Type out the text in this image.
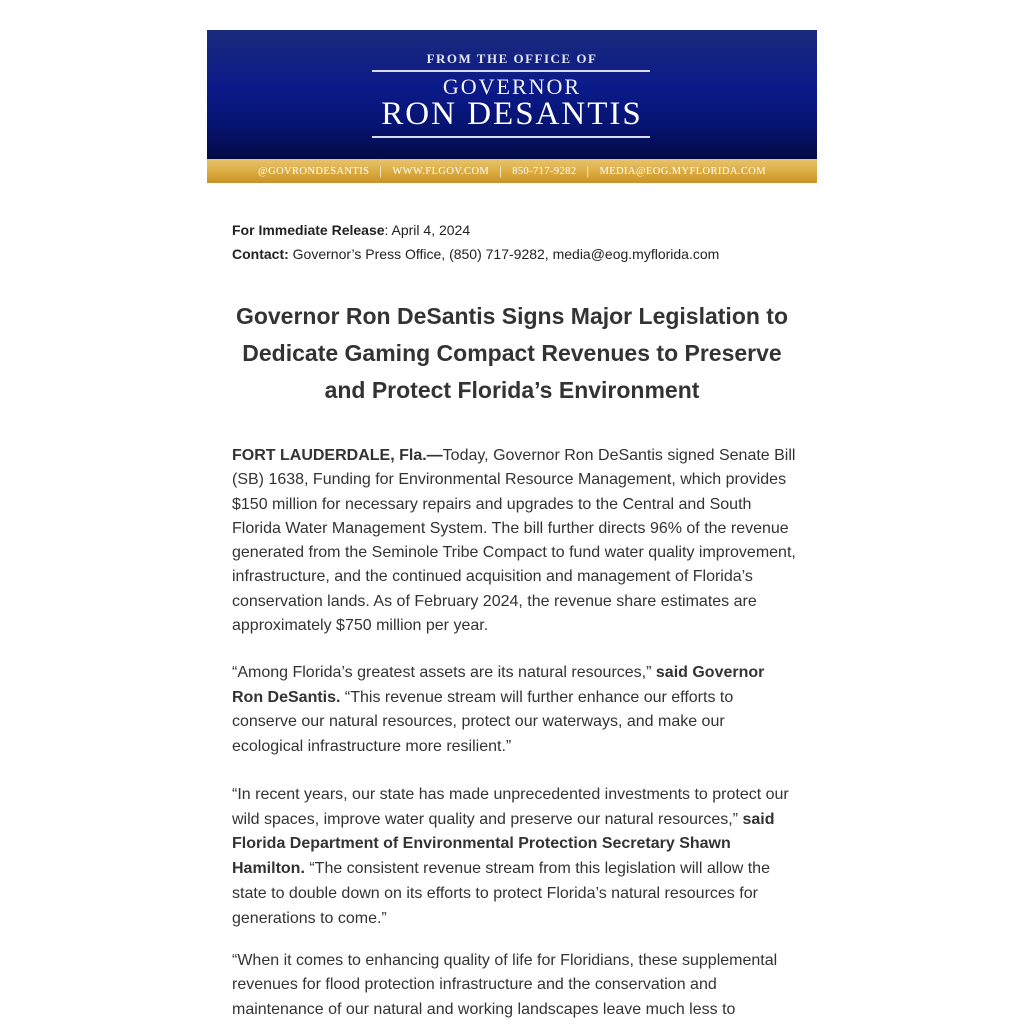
FROM THE OFFICE OF
GOVERNOR
RON DESANTIS
@GOVRONDESANTIS | WWW.FLGOV.COM | 850-717-9282 | MEDIA@EOG.MYFLORIDA.COM
For Immediate Release: April 4, 2024
Contact: Governor’s Press Office, (850) 717-9282, media@eog.myflorida.com
Governor Ron DeSantis Signs Major Legislation to Dedicate Gaming Compact Revenues to Preserve and Protect Florida’s Environment
FORT LAUDERDALE, Fla.—Today, Governor Ron DeSantis signed Senate Bill (SB) 1638, Funding for Environmental Resource Management, which provides $150 million for necessary repairs and upgrades to the Central and South Florida Water Management System. The bill further directs 96% of the revenue generated from the Seminole Tribe Compact to fund water quality improvement, infrastructure, and the continued acquisition and management of Florida’s conservation lands. As of February 2024, the revenue share estimates are approximately $750 million per year.
“Among Florida’s greatest assets are its natural resources,” said Governor Ron DeSantis. “This revenue stream will further enhance our efforts to conserve our natural resources, protect our waterways, and make our ecological infrastructure more resilient.”
“In recent years, our state has made unprecedented investments to protect our wild spaces, improve water quality and preserve our natural resources,” said Florida Department of Environmental Protection Secretary Shawn Hamilton. “The consistent revenue stream from this legislation will allow the state to double down on its efforts to protect Florida’s natural resources for generations to come.”
“When it comes to enhancing quality of life for Floridians, these supplemental revenues for flood protection infrastructure and the conservation and maintenance of our natural and working landscapes leave much less to
